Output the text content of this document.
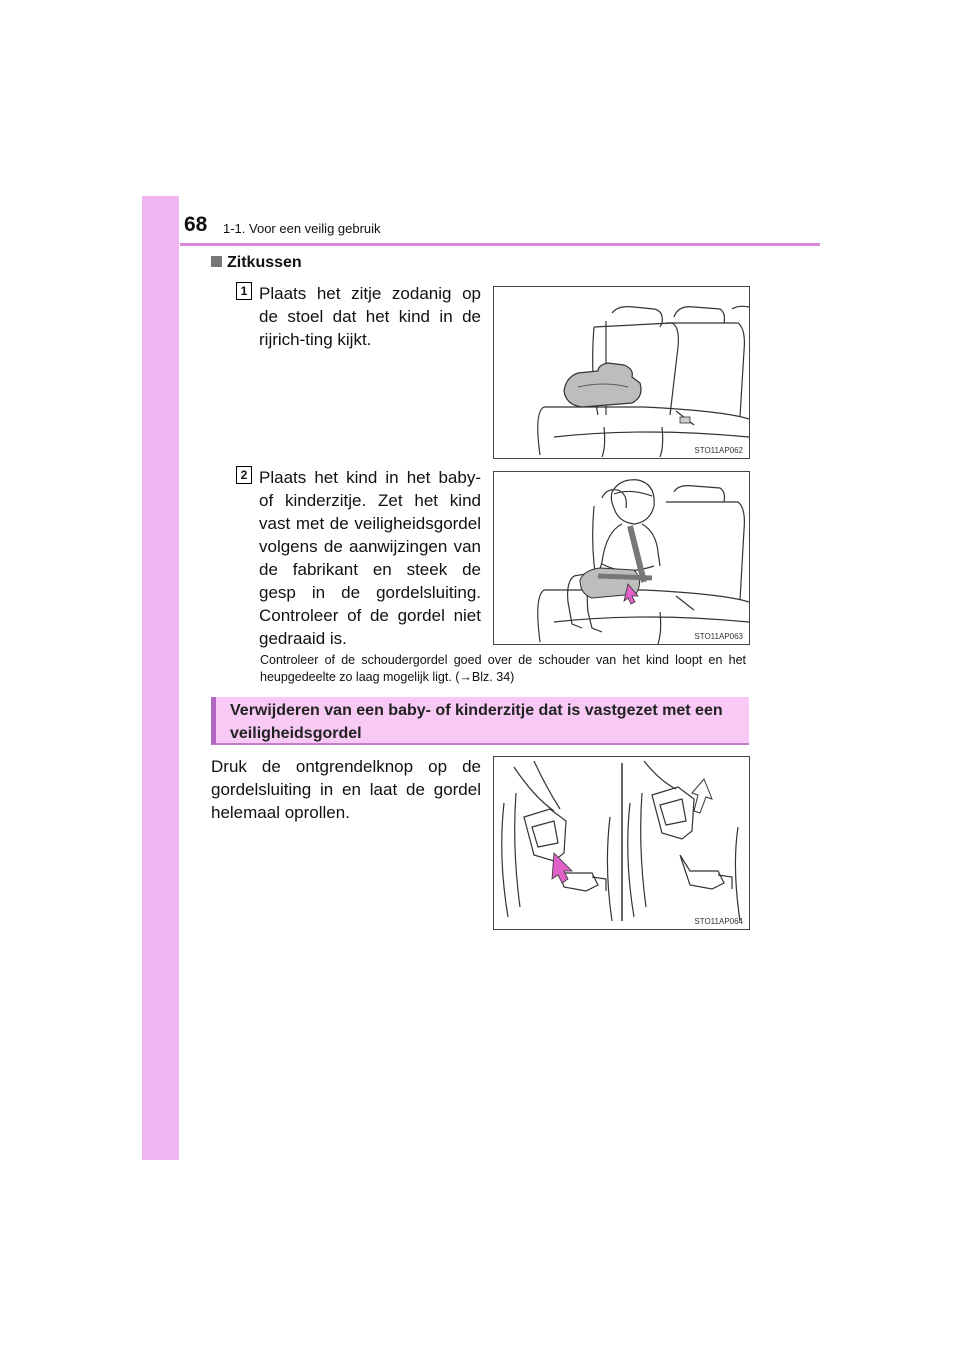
68 1-1. Voor een veilig gebruik
Zitkussen
1 Plaats het zitje zodanig op de stoel dat het kind in de rijrich-ting kijkt.
2 Plaats het kind in het baby- of kinderzitje. Zet het kind vast met de veiligheidsgordel volgens de aanwijzingen van de fabrikant en steek de gesp in de gordelsluiting. Controleer of de gordel niet gedraaid is.
Controleer of de schoudergordel goed over de schouder van het kind loopt en het heupgedeelte zo laag mogelijk ligt. (→Blz. 34)
Verwijderen van een baby- of kinderzitje dat is vastgezet met een veiligheidsgordel
Druk de ontgrendelknop op de gordelsluiting in en laat de gordel helemaal oprollen.
STO11AP062
STO11AP063
STO11AP064
